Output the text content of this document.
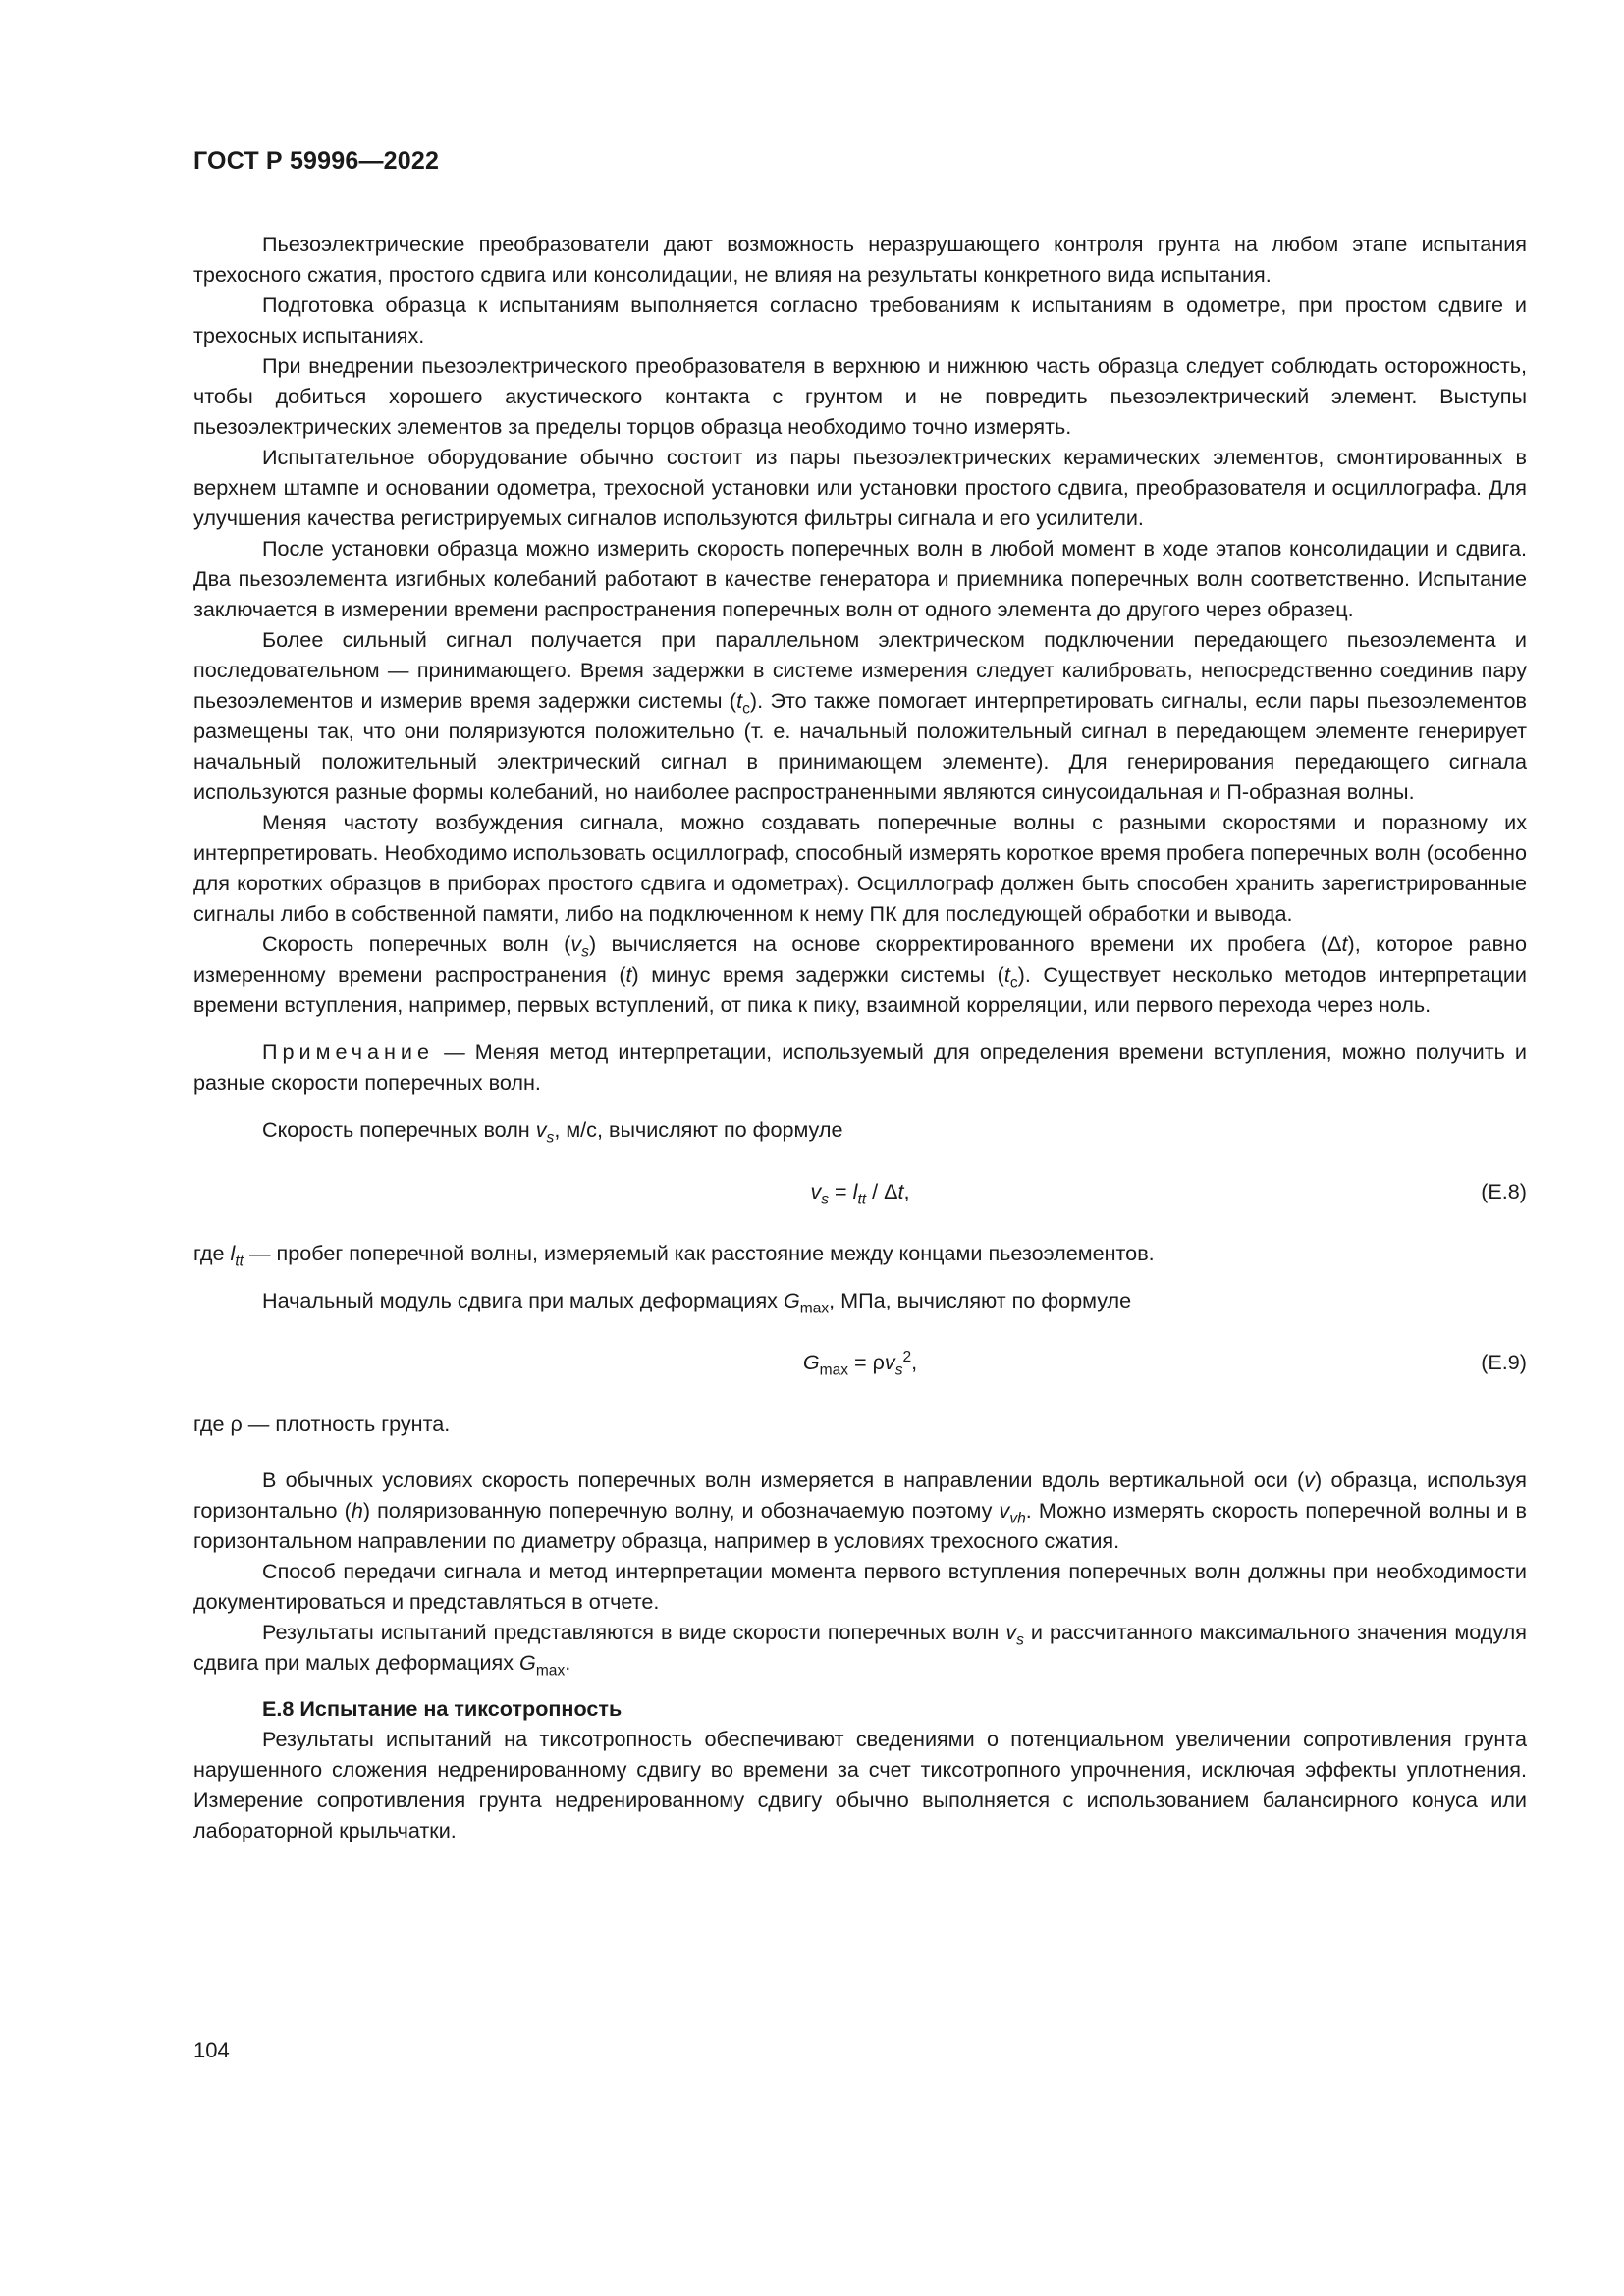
ГОСТ Р 59996—2022

Пьезоэлектрические преобразователи дают возможность неразрушающего контроля грунта на любом этапе испытания трехосного сжатия, простого сдвига или консолидации, не влияя на результаты конкретного вида испытания.

Подготовка образца к испытаниям выполняется согласно требованиям к испытаниям в одометре, при простом сдвиге и трехосных испытаниях.

При внедрении пьезоэлектрического преобразователя в верхнюю и нижнюю часть образца следует соблюдать осторожность, чтобы добиться хорошего акустического контакта с грунтом и не повредить пьезоэлектрический элемент. Выступы пьезоэлектрических элементов за пределы торцов образца необходимо точно измерять.

Испытательное оборудование обычно состоит из пары пьезоэлектрических керамических элементов, смонтированных в верхнем штампе и основании одометра, трехосной установки или установки простого сдвига, преобразователя и осциллографа. Для улучшения качества регистрируемых сигналов используются фильтры сигнала и его усилители.

После установки образца можно измерить скорость поперечных волн в любой момент в ходе этапов консолидации и сдвига. Два пьезоэлемента изгибных колебаний работают в качестве генератора и приемника поперечных волн соответственно. Испытание заключается в измерении времени распространения поперечных волн от одного элемента до другого через образец.

Более сильный сигнал получается при параллельном электрическом подключении передающего пьезоэлемента и последовательном — принимающего. Время задержки в системе измерения следует калибровать, непосредственно соединив пару пьезоэлементов и измерив время задержки системы $(t_c)$. Это также помогает интерпретировать сигналы, если пары пьезоэлементов размещены так, что они поляризуются положительно (т. е. начальный положительный сигнал в передающем элементе генерирует начальный положительный электрический сигнал в принимающем элементе). Для генерирования передающего сигнала используются разные формы колебаний, но наиболее распространенными являются синусоидальная и П-образная волны.

Меняя частоту возбуждения сигнала, можно создавать поперечные волны с разными скоростями и поразному их интерпретировать. Необходимо использовать осциллограф, способный измерять короткое время пробега поперечных волн (особенно для коротких образцов в приборах простого сдвига и одометрах). Осциллограф должен быть способен хранить зарегистрированные сигналы либо в собственной памяти, либо на подключенном к нему ПК для последующей обработки и вывода.

Скорость поперечных волн $(v_s)$ вычисляется на основе скорректированного времени их пробега (Δt), которое равно измеренному времени распространения (t) минус время задержки системы $(t_c)$. Существует несколько методов интерпретации времени вступления, например, первых вступлений, от пика к пику, взаимной корреляции, или первого перехода через ноль.

Примечание — Меняя метод интерпретации, используемый для определения времени вступления, можно получить и разные скорости поперечных волн.

Скорость поперечных волн $v_s$, м/с, вычисляют по формуле

$v_s = l_{tt} / \Delta t$,	(Е.8)

где $l_{tt}$ — пробег поперечной волны, измеряемый как расстояние между концами пьезоэлементов.

Начальный модуль сдвига при малых деформациях $G_{max}$, МПа, вычисляют по формуле

$G_{max} = \rho v_s^2$,	(Е.9)

где ρ — плотность грунта.

В обычных условиях скорость поперечных волн измеряется в направлении вдоль вертикальной оси (v) образца, используя горизонтально (h) поляризованную поперечную волну, и обозначаемую поэтому $v_{vh}$. Можно измерять скорость поперечной волны и в горизонтальном направлении по диаметру образца, например в условиях трехосного сжатия.

Способ передачи сигнала и метод интерпретации момента первого вступления поперечных волн должны при необходимости документироваться и представляться в отчете.

Результаты испытаний представляются в виде скорости поперечных волн $v_s$ и рассчитанного максимального значения модуля сдвига при малых деформациях $G_{max}$.

Е.8 Испытание на тиксотропность

Результаты испытаний на тиксотропность обеспечивают сведениями о потенциальном увеличении сопротивления грунта нарушенного сложения недренированному сдвигу во времени за счет тиксотропного упрочнения, исключая эффекты уплотнения. Измерение сопротивления грунта недренированному сдвигу обычно выполняется с использованием балансирного конуса или лабораторной крыльчатки.

104
